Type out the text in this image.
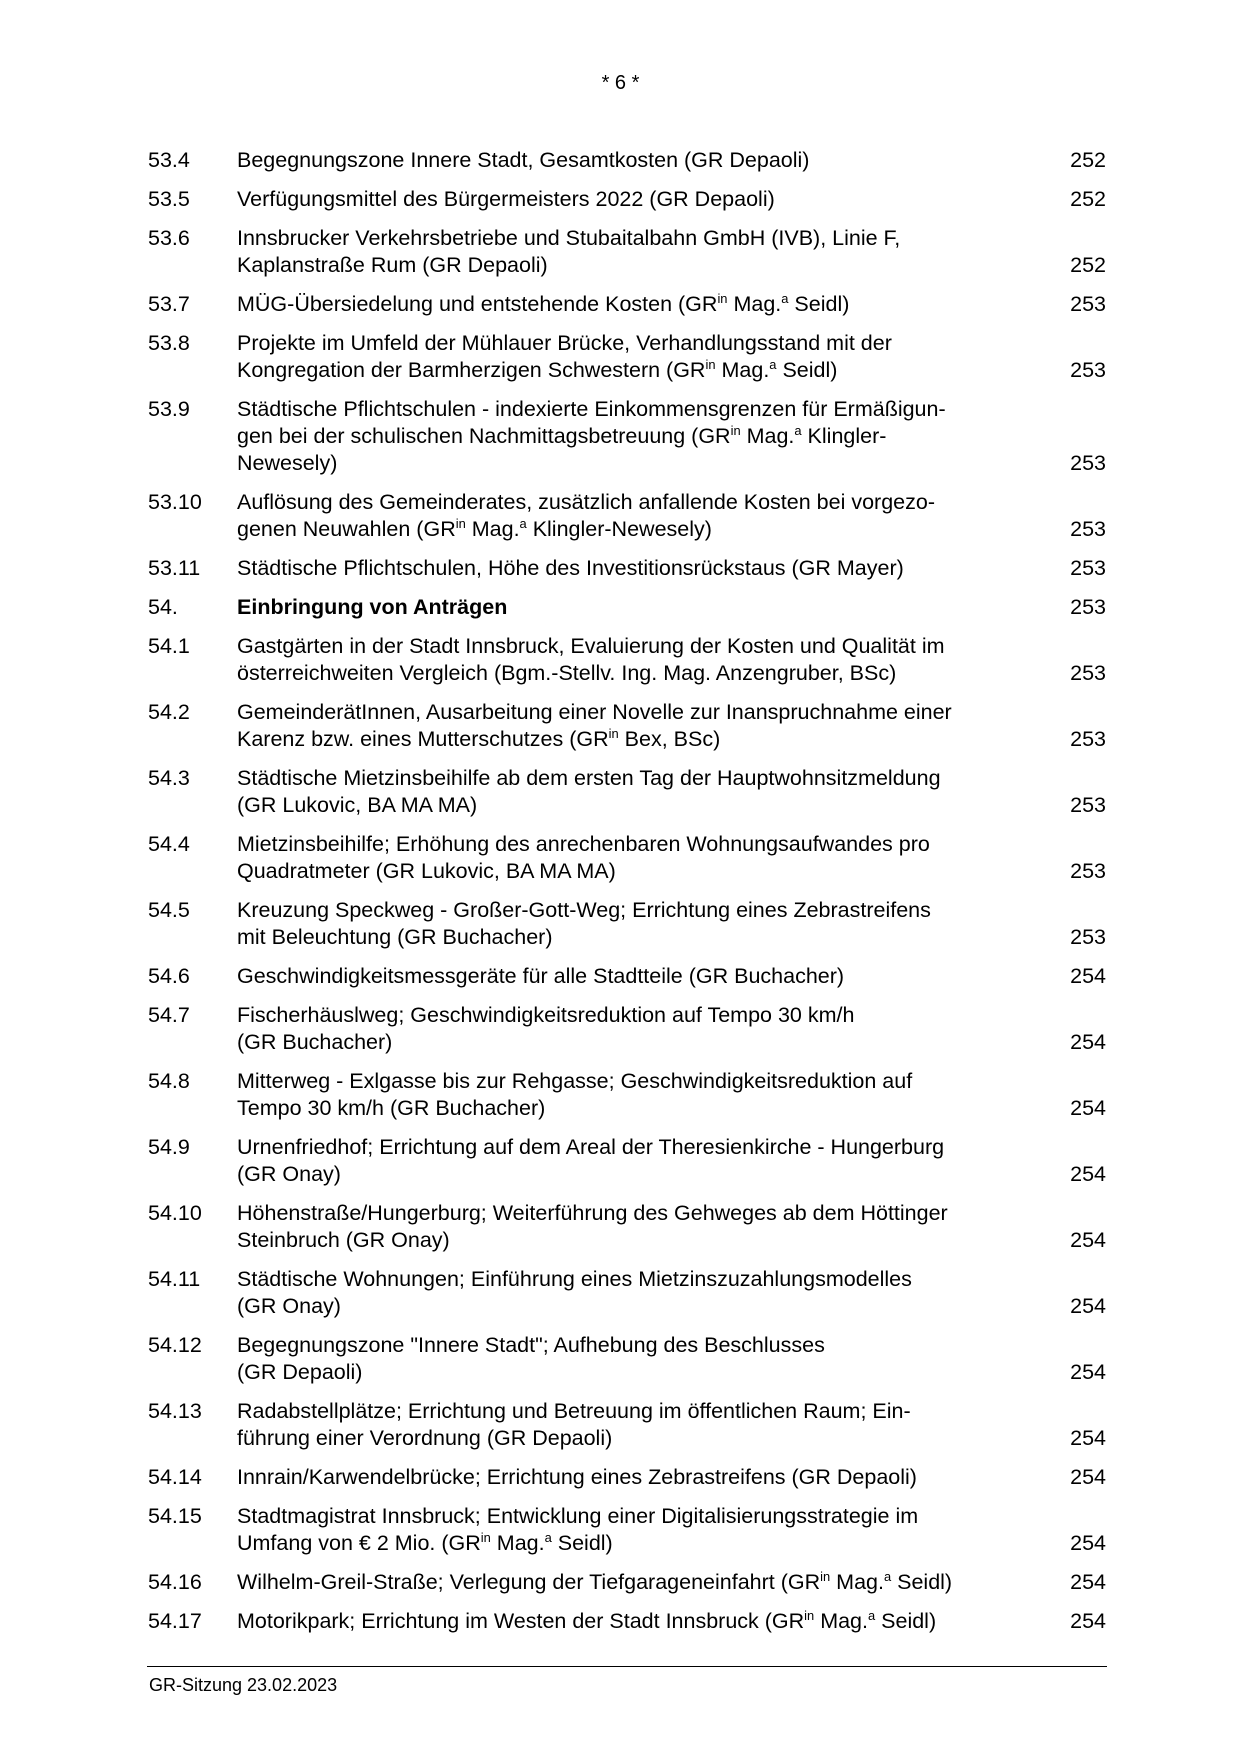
* 6 *
53.4 Begegnungszone Innere Stadt, Gesamtkosten (GR Depaoli)	252
53.5 Verfügungsmittel des Bürgermeisters 2022 (GR Depaoli)	252
53.6 Innsbrucker Verkehrsbetriebe und Stubaitalbahn GmbH (IVB), Linie F,
Kaplanstraße Rum (GR Depaoli)	252
53.7 MÜG-Übersiedelung und entstehende Kosten ($GR^{in}$ Mag.$^a$ Seidl)	253
53.8 Projekte im Umfeld der Mühlauer Brücke, Verhandlungsstand mit der
Kongregation der Barmherzigen Schwestern ($GR^{in}$ Mag.$^a$ Seidl)	253
53.9 Städtische Pflichtschulen - indexierte Einkommensgrenzen für Ermäßigun-
gen bei der schulischen Nachmittagsbetreuung ($GR^{in}$ Mag.$^a$ Klingler-
Newesely)	253
53.10 Auflösung des Gemeinderates, zusätzlich anfallende Kosten bei vorgezo-
genen Neuwahlen ($GR^{in}$ Mag.$^a$ Klingler-Newesely)	253
53.11 Städtische Pflichtschulen, Höhe des Investitionsrückstaus (GR Mayer)	253
54.	Einbringung von Anträgen	253
54.1 Gastgärten in der Stadt Innsbruck, Evaluierung der Kosten und Qualität im
österreichweiten Vergleich (Bgm.-Stellv. Ing. Mag. Anzengruber, BSc)	253
54.2 GemeinderätInnen, Ausarbeitung einer Novelle zur Inanspruchnahme einer
Karenz bzw. eines Mutterschutzes ($GR^{in}$ Bex, BSc)	253
54.3 Städtische Mietzinsbeihilfe ab dem ersten Tag der Hauptwohnsitzmeldung
(GR Lukovic, BA MA MA)	253
54.4 Mietzinsbeihilfe; Erhöhung des anrechenbaren Wohnungsaufwandes pro
Quadratmeter (GR Lukovic, BA MA MA)	253
54.5 Kreuzung Speckweg - Großer-Gott-Weg; Errichtung eines Zebrastreifens
mit Beleuchtung (GR Buchacher)	253
54.6 Geschwindigkeitsmessgeräte für alle Stadtteile (GR Buchacher)	254
54.7 Fischerhäuslweg; Geschwindigkeitsreduktion auf Tempo 30 km/h
(GR Buchacher)	254
54.8 Mitterweg - Exlgasse bis zur Rehgasse; Geschwindigkeitsreduktion auf
Tempo 30 km/h (GR Buchacher)	254
54.9 Urnenfriedhof; Errichtung auf dem Areal der Theresienkirche - Hungerburg
(GR Onay)	254
54.10 Höhenstraße/Hungerburg; Weiterführung des Gehweges ab dem Höttinger
Steinbruch (GR Onay)	254
54.11 Städtische Wohnungen; Einführung eines Mietzinszuzahlungsmodelles
(GR Onay)	254
54.12 Begegnungszone "Innere Stadt"; Aufhebung des Beschlusses
(GR Depaoli)	254
54.13 Radabstellplätze; Errichtung und Betreuung im öffentlichen Raum; Ein-
führung einer Verordnung (GR Depaoli)	254
54.14 Innrain/Karwendelbrücke; Errichtung eines Zebrastreifens (GR Depaoli)	254
54.15 Stadtmagistrat Innsbruck; Entwicklung einer Digitalisierungsstrategie im
Umfang von € 2 Mio. ($GR^{in}$ Mag.$^a$ Seidl)	254
54.16 Wilhelm-Greil-Straße; Verlegung der Tiefgarageneinfahrt ($GR^{in}$ Mag.$^a$ Seidl)	254
54.17 Motorikpark; Errichtung im Westen der Stadt Innsbruck ($GR^{in}$ Mag.$^a$ Seidl)	254
GR-Sitzung 23.02.2023
